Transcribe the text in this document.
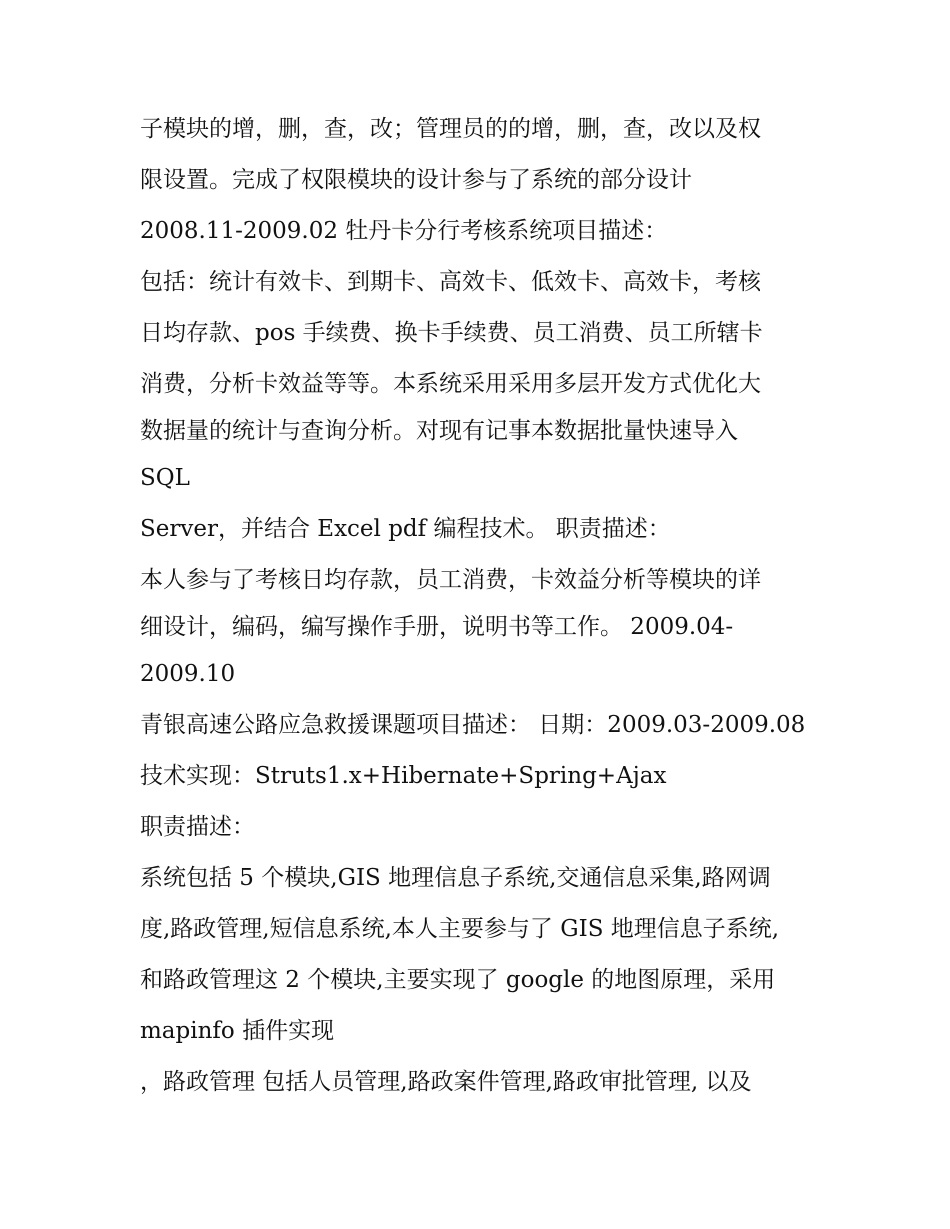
子模块的增，删，查，改；管理员的的增，删，查，改以及权
限设置。完成了权限模块的设计参与了系统的部分设计
2008.11-2009.02 牡丹卡分行考核系统项目描述：
包括：统计有效卡、到期卡、高效卡、低效卡、高效卡，考核
日均存款、pos 手续费、换卡手续费、员工消费、员工所辖卡
消费，分析卡效益等等。本系统采用采用多层开发方式优化大
数据量的统计与查询分析。对现有记事本数据批量快速导入
SQL
Server，并结合 Excel pdf 编程技术。 职责描述：
本人参与了考核日均存款，员工消费，卡效益分析等模块的详
细设计，编码，编写操作手册，说明书等工作。 2009.04-
2009.10
青银高速公路应急救援课题项目描述： 日期：2009.03-2009.08
技术实现：Struts1.x+Hibernate+Spring+Ajax
职责描述：
系统包括 5 个模块,GIS 地理信息子系统,交通信息采集,路网调
度,路政管理,短信息系统,本人主要参与了 GIS 地理信息子系统,
和路政管理这 2 个模块,主要实现了 google 的地图原理，采用
mapinfo 插件实现
，路政管理 包括人员管理,路政案件管理,路政审批管理, 以及
